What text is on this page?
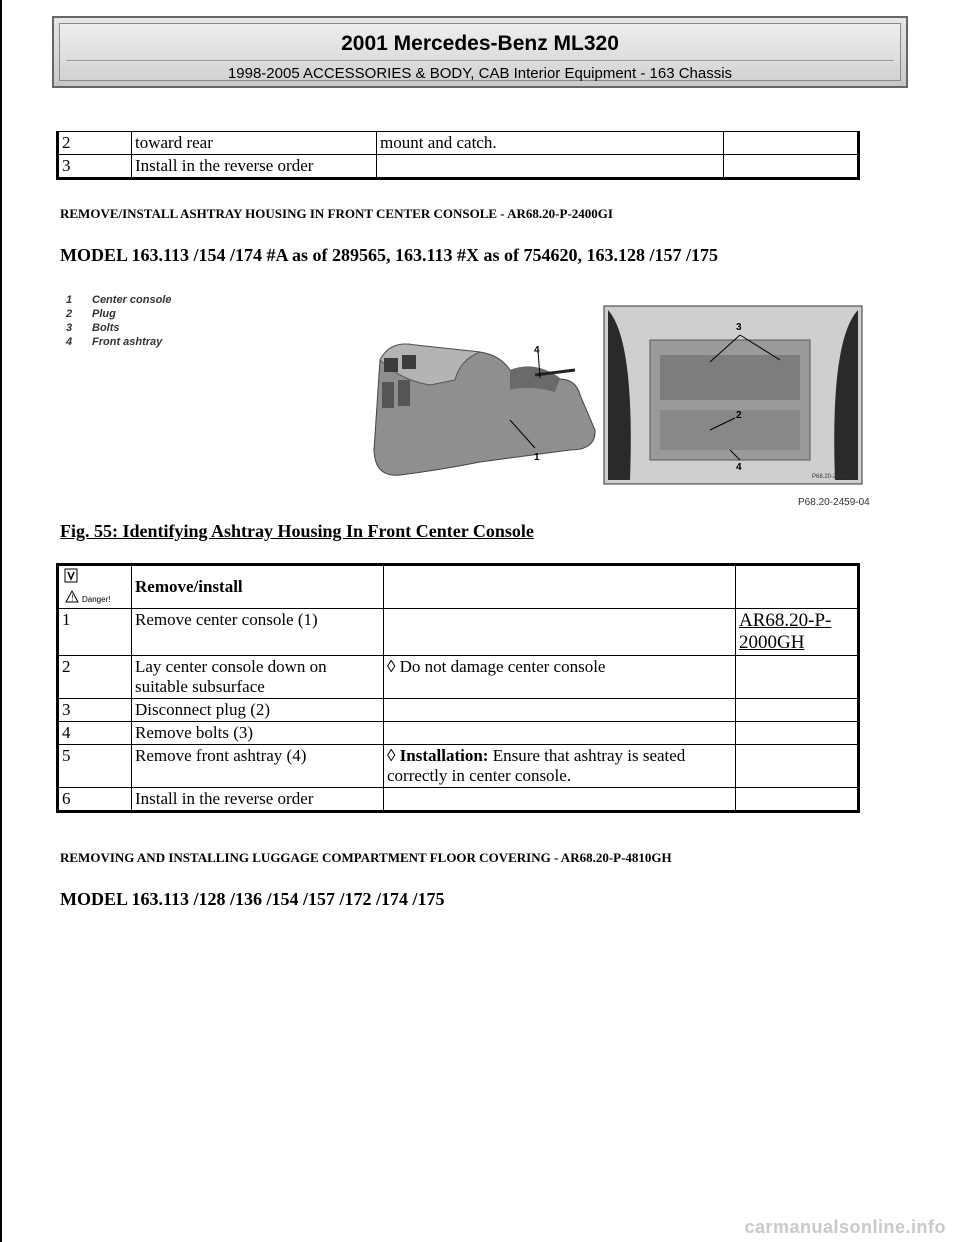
2001 Mercedes-Benz ML320
1998-2005 ACCESSORIES & BODY, CAB Interior Equipment - 163 Chassis
2	toward rear	mount and catch.	
3	Install in the reverse order		
REMOVE/INSTALL ASHTRAY HOUSING IN FRONT CENTER CONSOLE - AR68.20-P-2400GI
MODEL 163.113 /154 /174 #A as of 289565, 163.113 #X as of 754620, 163.128 /157 /175
1 Center console
2 Plug
3 Bolts
4 Front ashtray
4
1
3
2
4
P68.20-2458-01
P68.20-2459-04
Fig. 55: Identifying Ashtray Housing In Front Center Console
! Danger!	Remove/install		
1	Remove center console (1)		AR68.20-P-2000GH
2	Lay center console down on suitable subsurface	◊ Do not damage center console	
3	Disconnect plug (2)		
4	Remove bolts (3)		
5	Remove front ashtray (4)	◊ Installation: Ensure that ashtray is seated correctly in center console.	
6	Install in the reverse order		
REMOVING AND INSTALLING LUGGAGE COMPARTMENT FLOOR COVERING - AR68.20-P-4810GH
MODEL 163.113 /128 /136 /154 /157 /172 /174 /175
carmanualsonline.info
